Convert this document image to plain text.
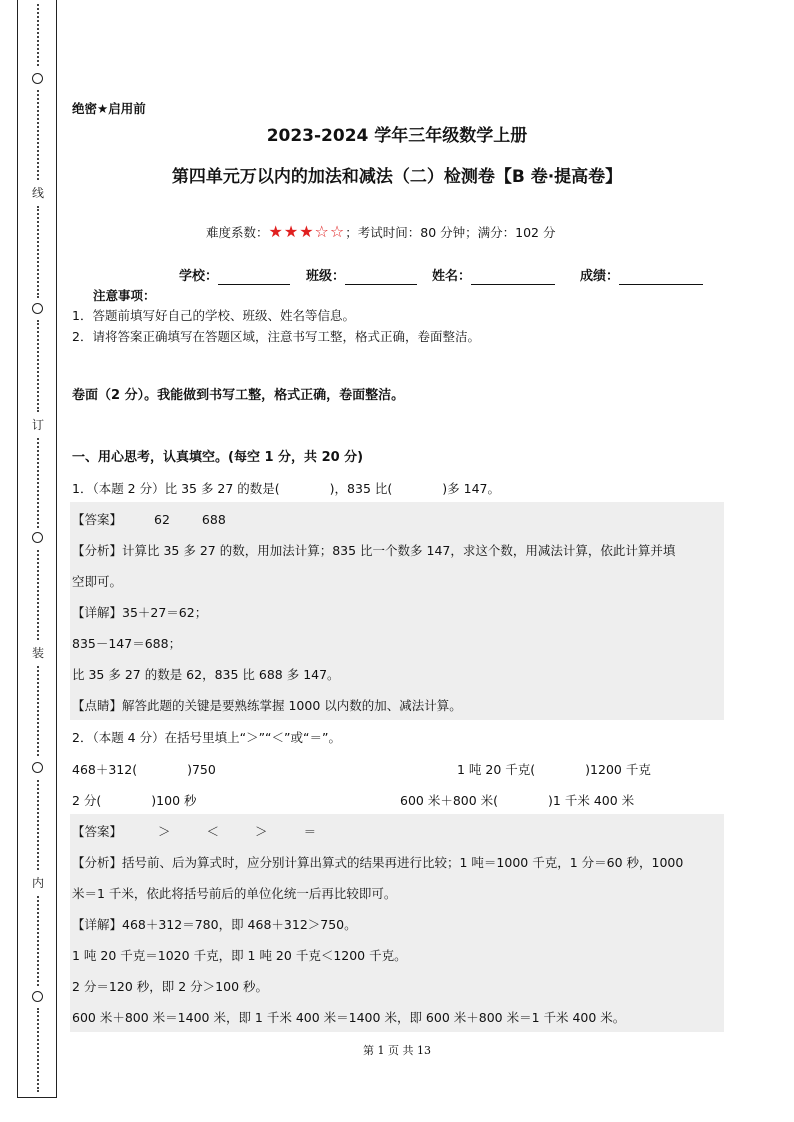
线
订
装
内
绝密★启用前
2023-2024 学年三年级数学上册
第四单元万以内的加法和减法（二）检测卷【B 卷·提高卷】
难度系数：★★★☆☆；考试时间：80 分钟；满分：102 分
学校：	班级：	姓名：	成绩：
注意事项：
1．答题前填写好自己的学校、班级、姓名等信息。
2．请将答案正确填写在答题区域，注意书写工整，格式正确，卷面整洁。
卷面（2 分）。我能做到书写工整，格式正确，卷面整洁。
一、用心思考，认真填空。(每空 1 分，共 20 分)
1．（本题 2 分）比 35 多 27 的数是(　　　　)，835 比(　　　　)多 147。
【答案】	62	688
【分析】计算比 35 多 27 的数，用加法计算；835 比一个数多 147，求这个数，用减法计算，依此计算并填
空即可。
【详解】35＋27＝62；
835－147＝688；
比 35 多 27 的数是 62，835 比 688 多 147。
【点睛】解答此题的关键是要熟练掌握 1000 以内数的加、减法计算。
2．（本题 4 分）在括号里填上“＞”“＜”或“＝”。
468＋312(　　　　)750	1 吨 20 千克(　　　　)1200 千克
2 分(　　　　)100 秒	600 米＋800 米(　　　　)1 千米 400 米
【答案】	＞	＜	＞	＝
【分析】括号前、后为算式时，应分别计算出算式的结果再进行比较；1 吨＝1000 千克，1 分＝60 秒，1000
米＝1 千米，依此将括号前后的单位化统一后再比较即可。
【详解】468＋312＝780，即 468＋312＞750。
1 吨 20 千克＝1020 千克，即 1 吨 20 千克＜1200 千克。
2 分＝120 秒，即 2 分＞100 秒。
600 米＋800 米＝1400 米，即 1 千米 400 米＝1400 米，即 600 米＋800 米＝1 千米 400 米。
第 1 页 共 13
